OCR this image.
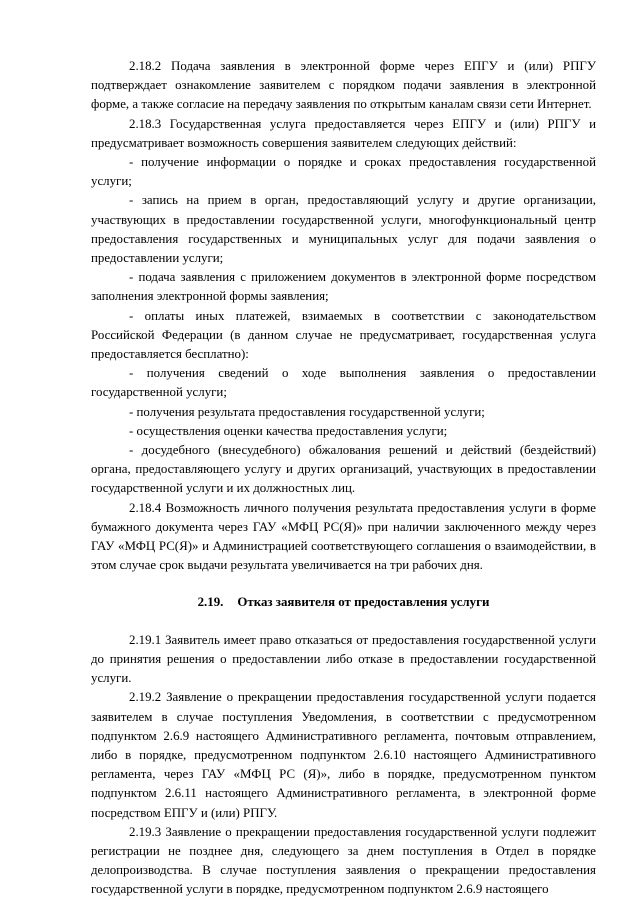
2.18.2 Подача заявления в электронной форме через ЕПГУ и (или) РПГУ подтверждает ознакомление заявителем с порядком подачи заявления в электронной форме, а также согласие на передачу заявления по открытым каналам связи сети Интернет.

2.18.3 Государственная услуга предоставляется через ЕПГУ и (или) РПГУ и предусматривает возможность совершения заявителем следующих действий:

- получение информации о порядке и сроках предоставления государственной услуги;

- запись на прием в орган, предоставляющий услугу и другие организации, участвующих в предоставлении государственной услуги, многофункциональный центр предоставления государственных и муниципальных услуг для подачи заявления о предоставлении услуги;

- подача заявления с приложением документов в электронной форме посредством заполнения электронной формы заявления;

- оплаты иных платежей, взимаемых в соответствии с законодательством Российской Федерации (в данном случае не предусматривает, государственная услуга предоставляется бесплатно):

- получения сведений о ходе выполнения заявления о предоставлении государственной услуги;

- получения результата предоставления государственной услуги;

- осуществления оценки качества предоставления услуги;

- досудебного (внесудебного) обжалования решений и действий (бездействий) органа, предоставляющего услугу и других организаций, участвующих в предоставлении государственной услуги и их должностных лиц.

2.18.4 Возможность личного получения результата предоставления услуги в форме бумажного документа через ГАУ «МФЦ РС(Я)» при наличии заключенного между через ГАУ «МФЦ РС(Я)» и Администрацией соответствующего соглашения о взаимодействии, в этом случае срок выдачи результата увеличивается на три рабочих дня.

2.19. Отказ заявителя от предоставления услуги

2.19.1 Заявитель имеет право отказаться от предоставления государственной услуги до принятия решения о предоставлении либо отказе в предоставлении государственной услуги.

2.19.2 Заявление о прекращении предоставления государственной услуги подается заявителем в случае поступления Уведомления, в соответствии с предусмотренном подпунктом 2.6.9 настоящего Административного регламента, почтовым отправлением, либо в порядке, предусмотренном подпунктом 2.6.10 настоящего Административного регламента, через ГАУ «МФЦ РС (Я)», либо в порядке, предусмотренном пунктом подпунктом 2.6.11 настоящего Административного регламента, в электронной форме посредством ЕПГУ и (или) РПГУ.

2.19.3 Заявление о прекращении предоставления государственной услуги подлежит регистрации не позднее дня, следующего за днем поступления в Отдел в порядке делопроизводства. В случае поступления заявления о прекращении предоставления государственной услуги в порядке, предусмотренном подпунктом 2.6.9 настоящего
